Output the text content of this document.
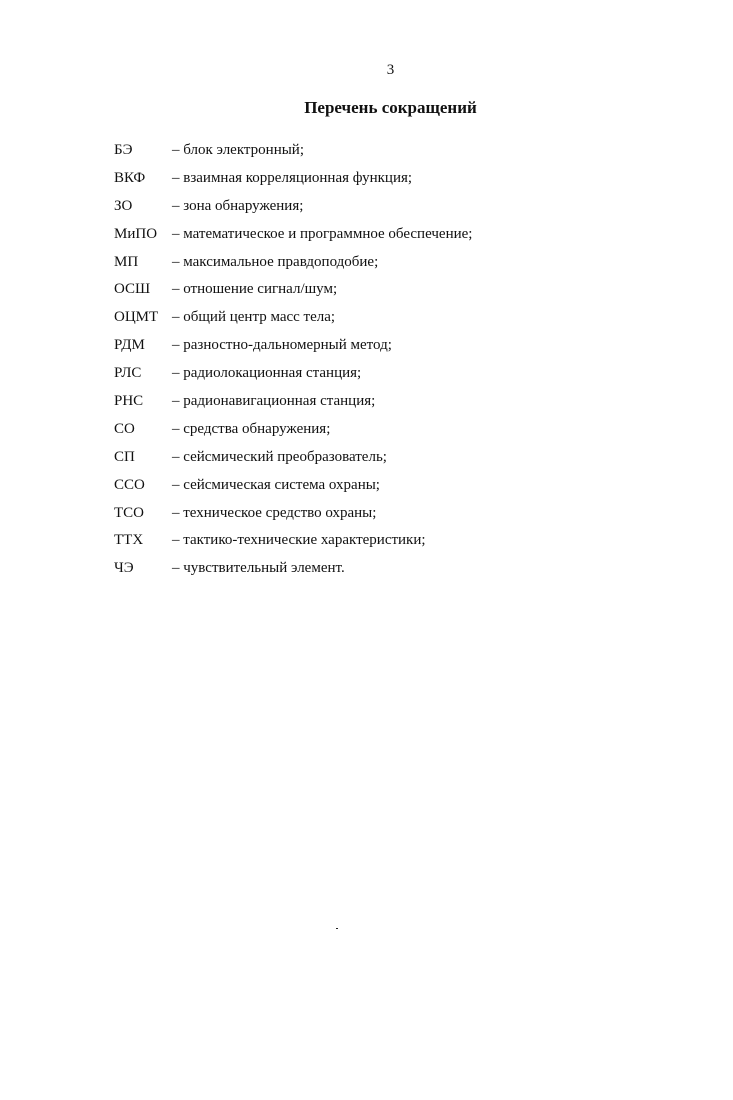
3
Перечень сокращений
БЭ	– блок электронный;
ВКФ	– взаимная корреляционная функция;
ЗО	– зона обнаружения;
МиПО – математическое и программное обеспечение;
МП	– максимальное правдоподобие;
ОСШ	– отношение сигнал/шум;
ОЦМТ – общий центр масс тела;
РДМ	– разностно-дальномерный метод;
РЛС	– радиолокационная станция;
РНС	– радионавигационная станция;
СО	– средства обнаружения;
СП	– сейсмический преобразователь;
ССО	– сейсмическая система охраны;
ТСО	– техническое средство охраны;
ТТХ	– тактико-технические характеристики;
ЧЭ	– чувствительный элемент.
